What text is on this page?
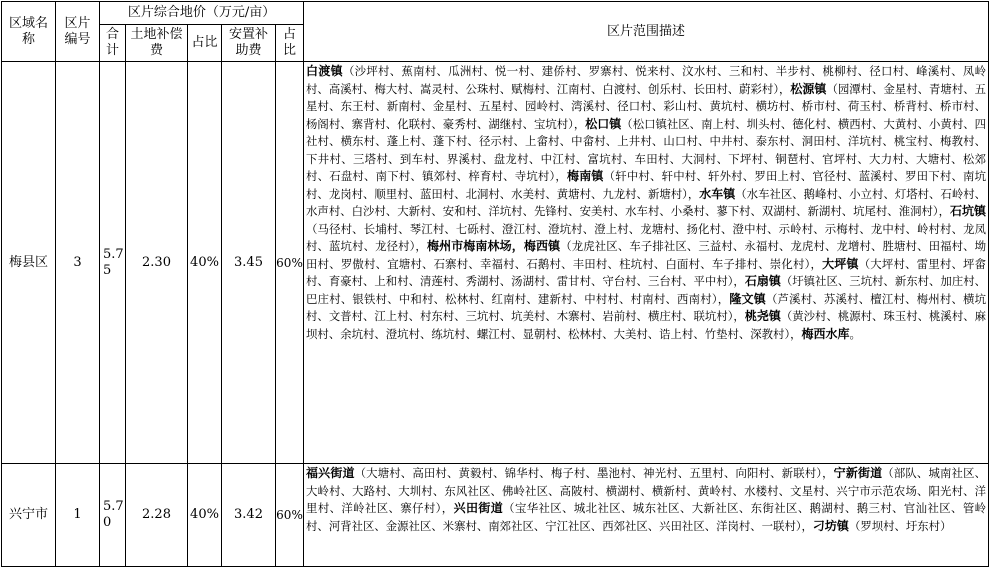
区域名称	区片编号	区片综合地价（万元/亩）					区片范围描述
		合计	土地补偿费	占比	安置补助费	占比	
梅县区	3	5.75	2.30	40%	3.45	60%	白渡镇（沙坪村、蕉南村、瓜洲村、悦一村、建侨村、罗寨村、悦来村、汶水村、三和村、半步村、桃柳村、径口村、峰溪村、凤岭村、高溪村、梅大村、嵩灵村、公珠村、赋梅村、江南村、白渡村、创乐村、长田村、蔚彩村），松源镇（园潭村、金星村、青塘村、五星村、东王村、新南村、金星村、五星村、园岭村、湾溪村、径口村、彩山村、黄坑村、横坊村、桥市村、荷玉村、桥背村、桥市村、杨阁村、寨背村、化联村、豪秀村、湖继村、宝坑村），松口镇（松口镇社区、南上村、圳头村、德化村、横西村、大黄村、小黄村、四社村、横东村、蓬上村、蓬下村、径示村、上畲村、中畲村、上井村、山口村、中井村、泰东村、洞田村、洋坑村、桃宝村、梅教村、下井村、三塔村、到车村、界溪村、盘龙村、中江村、富坑村、车田村、大洞村、下坪村、铜琶村、官坪村、大力村、大塘村、松郊村、石盘村、南下村、镇郊村、梓育村、寺坑村），梅南镇（轩中村、轩中村、轩外村、罗田上村、官径村、蓝溪村、罗田下村、南坑村、龙岗村、顺里村、蓝田村、北洞村、水美村、黄塘村、九龙村、新塘村），水车镇（水车社区、鹅峰村、小立村、灯塔村、石岭村、水声村、白沙村、大新村、安和村、洋坑村、先锋村、安美村、水车村、小桑村、蓼下村、双湖村、新湖村、坑尾村、淮洞村），石坑镇（马径村、长埔村、琴江村、七砾村、澄江村、澄坑村、澄上村、龙塘村、扬化村、澄中村、示岭村、示梅村、龙中村、岭村村、龙凤村、蓝坑村、龙径村），梅州市梅南林场，梅西镇（龙虎社区、车子排社区、三益村、永福村、龙虎村、龙增村、胜塘村、田福村、坳田村、罗傲村、宜塘村、石寨村、幸福村、石鹅村、丰田村、柱坑村、白面村、车子排村、崇化村），大坪镇（大坪村、雷里村、坪畲村、育豪村、上和村、清莲村、秀湖村、汤湖村、雷甘村、守台村、三台村、平中村），石扇镇（圩镇社区、三坑村、新东村、加庄村、巴庄村、银铁村、中和村、松林村、红南村、建新村、中村村、村南村、西南村），隆文镇（芦溪村、苏溪村、檀江村、梅州村、横坑村、文普村、江上村、村东村、三坑村、坑美村、木寨村、岩前村、横庄村、联坑村），桃尧镇（黄沙村、桃源村、珠玉村、桃溪村、麻坝村、余坑村、澄坑村、练坑村、螺江村、显朝村、松林村、大美村、诰上村、竹垫村、深教村），梅西水库。
兴宁市	1	5.70	2.28	40%	3.42	60%	福兴街道（大塘村、高田村、黄毅村、锦华村、梅子村、墨池村、神光村、五里村、向阳村、新联村），宁新街道（部队、城南社区、大岭村、大路村、大圳村、东风社区、佛岭社区、高陂村、横湖村、横新村、黄岭村、水楼村、文星村、兴宁市示范农场、阳光村、洋里村、洋岭社区、寨仔村），兴田街道（宝华社区、城北社区、城东社区、大新社区、东街社区、鹅湖村、鹅三村、官汕社区、管岭村、河背社区、金源社区、米寨村、南郊社区、宁江社区、西郊社区、兴田社区、洋岗村、一联村），刁坊镇（罗坝村、圩东村）
